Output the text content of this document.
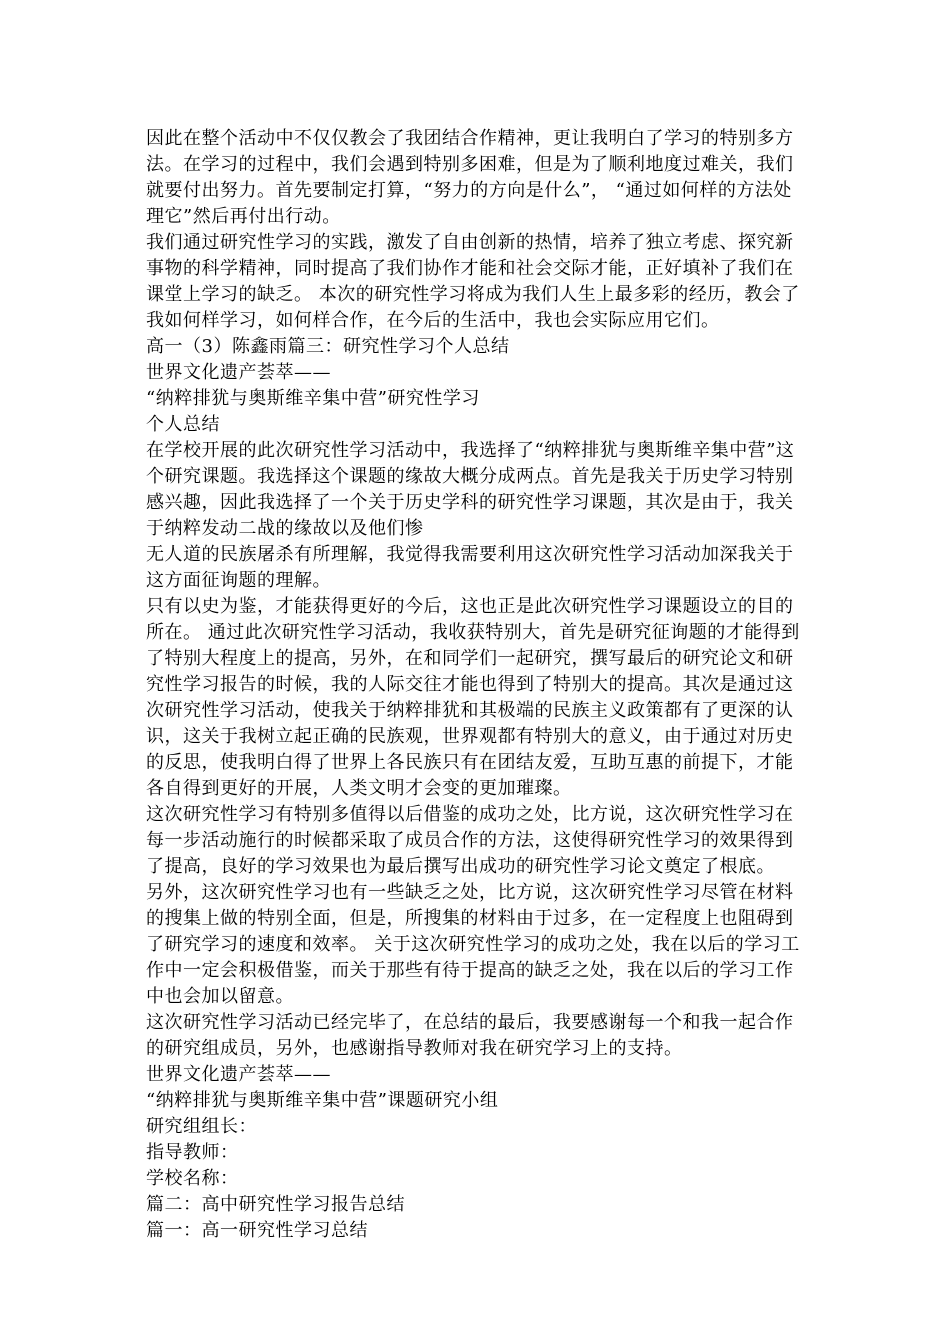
因此在整个活动中不仅仅教会了我团结合作精神，更让我明白了学习的特别多方法。在学习的过程中，我们会遇到特别多困难，但是为了顺利地度过难关，我们就要付出努力。首先要制定打算，“努力的方向是什么”， “通过如何样的方法处理它”然后再付出行动。

我们通过研究性学习的实践，激发了自由创新的热情，培养了独立考虑、探究新事物的科学精神，同时提高了我们协作才能和社会交际才能，正好填补了我们在课堂上学习的缺乏。 本次的研究性学习将成为我们人生上最多彩的经历，教会了我如何样学习，如何样合作，在今后的生活中，我也会实际应用它们。

高一（3）陈鑫雨篇三：研究性学习个人总结

世界文化遗产荟萃——

“纳粹排犹与奥斯维辛集中营”研究性学习

个人总结

在学校开展的此次研究性学习活动中，我选择了“纳粹排犹与奥斯维辛集中营”这个研究课题。我选择这个课题的缘故大概分成两点。首先是我关于历史学习特别感兴趣，因此我选择了一个关于历史学科的研究性学习课题，其次是由于，我关于纳粹发动二战的缘故以及他们惨

无人道的民族屠杀有所理解，我觉得我需要利用这次研究性学习活动加深我关于这方面征询题的理解。

只有以史为鉴，才能获得更好的今后，这也正是此次研究性学习课题设立的目的所在。 通过此次研究性学习活动，我收获特别大，首先是研究征询题的才能得到了特别大程度上的提高，另外，在和同学们一起研究，撰写最后的研究论文和研究性学习报告的时候，我的人际交往才能也得到了特别大的提高。其次是通过这次研究性学习活动，使我关于纳粹排犹和其极端的民族主义政策都有了更深的认识，这关于我树立起正确的民族观，世界观都有特别大的意义，由于通过对历史的反思，使我明白得了世界上各民族只有在团结友爱，互助互惠的前提下，才能各自得到更好的开展，人类文明才会变的更加璀璨。

这次研究性学习有特别多值得以后借鉴的成功之处，比方说，这次研究性学习在每一步活动施行的时候都采取了成员合作的方法，这使得研究性学习的效果得到了提高，良好的学习效果也为最后撰写出成功的研究性学习论文奠定了根底。

另外，这次研究性学习也有一些缺乏之处，比方说，这次研究性学习尽管在材料的搜集上做的特别全面，但是，所搜集的材料由于过多，在一定程度上也阻碍到了研究学习的速度和效率。 关于这次研究性学习的成功之处，我在以后的学习工作中一定会积极借鉴，而关于那些有待于提高的缺乏之处，我在以后的学习工作中也会加以留意。

这次研究性学习活动已经完毕了，在总结的最后，我要感谢每一个和我一起合作的研究组成员，另外，也感谢指导教师对我在研究学习上的支持。

世界文化遗产荟萃——

“纳粹排犹与奥斯维辛集中营”课题研究小组

研究组组长：

指导教师：

学校名称：

篇二：高中研究性学习报告总结

篇一：高一研究性学习总结
